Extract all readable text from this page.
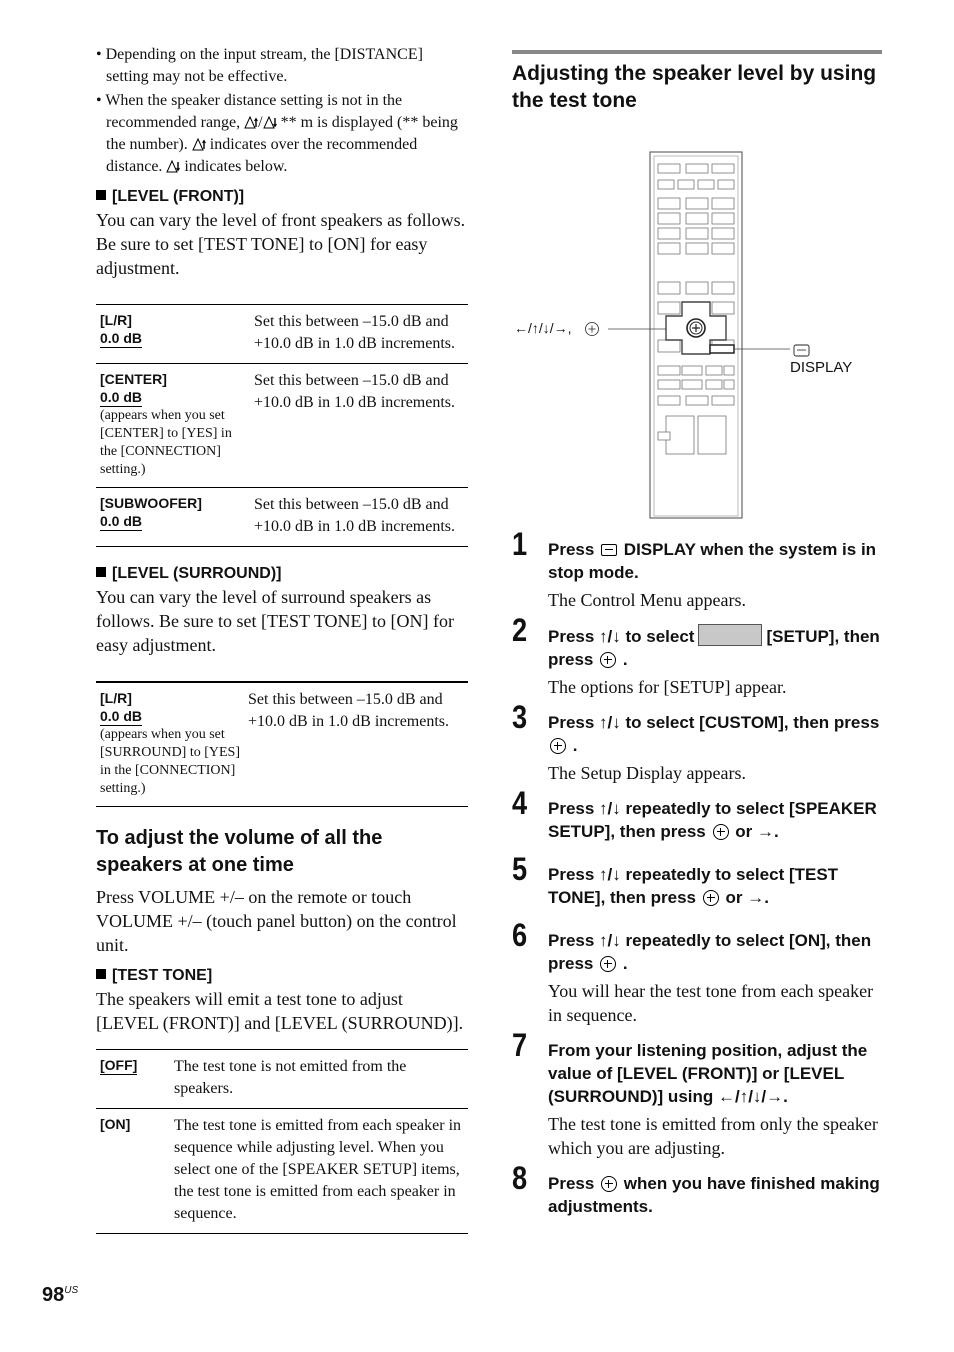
• Depending on the input stream, the [DISTANCE] setting may not be effective.
• When the speaker distance setting is not in the recommended range, / ** m is displayed (** being the number). indicates over the recommended distance. indicates below.
[LEVEL (FRONT)]
You can vary the level of front speakers as follows. Be sure to set [TEST TONE] to [ON] for easy adjustment.
[L/R]
0.0 dB	Set this between –15.0 dB and +10.0 dB in 1.0 dB increments.

[CENTER]
0.0 dB
(appears when you set [CENTER] to [YES] in the [CONNECTION] setting.)	Set this between –15.0 dB and +10.0 dB in 1.0 dB increments.

[SUBWOOFER]
0.0 dB	Set this between –15.0 dB and +10.0 dB in 1.0 dB increments.
[LEVEL (SURROUND)]
You can vary the level of surround speakers as follows. Be sure to set [TEST TONE] to [ON] for easy adjustment.
[L/R]
0.0 dB
(appears when you set [SURROUND] to [YES] in the [CONNECTION] setting.)
	Set this between –15.0 dB and +10.0 dB in 1.0 dB increments.
To adjust the volume of all the speakers at one time
Press VOLUME +/– on the remote or touch VOLUME +/– (touch panel button) on the control unit.
[TEST TONE]
The speakers will emit a test tone to adjust [LEVEL (FRONT)] and [LEVEL (SURROUND)].
[OFF]	The test tone is not emitted from the speakers.

[ON]	The test tone is emitted from each speaker in sequence while adjusting level. When you select one of the [SPEAKER SETUP] items, the test tone is emitted from each speaker in sequence.
Adjusting the speaker level by using the test tone
←/↑/↓/→,
DISPLAY
1 Press DISPLAY when the system is in stop mode.
The Control Menu appears.
2 Press ↑/↓ to select	[SETUP], then press .
The options for [SETUP] appear.
3 Press ↑/↓ to select [CUSTOM], then press  .
The Setup Display appears.
4 Press ↑/↓ repeatedly to select [SPEAKER SETUP], then press or →.
5 Press ↑/↓ repeatedly to select [TEST TONE], then press or →.
6 Press ↑/↓ repeatedly to select [ON], then press .
You will hear the test tone from each speaker in sequence.
7 From your listening position, adjust the value of [LEVEL (FRONT)] or [LEVEL (SURROUND)] using ←/↑/↓/→.
The test tone is emitted from only the speaker which you are adjusting.
8 Press when you have finished making adjustments.
$98^{US}$
